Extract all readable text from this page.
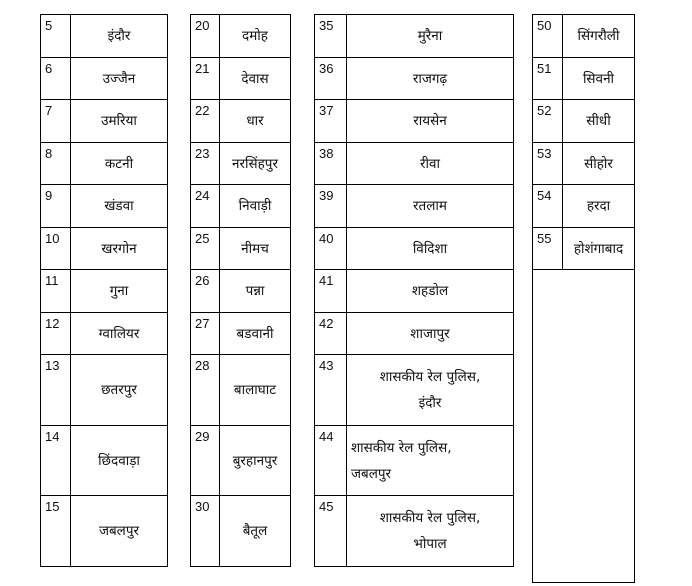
5	इंदौर
6	उज्जैन
7	उमरिया
8	कटनी
9	खंडवा
10	खरगोन
11	गुना
12	ग्वालियर
13	छतरपुर
14	छिंदवाड़ा
15	जबलपुर
20	दमोह
21	देवास
22	धार
23	नरसिंहपुर
24	निवाड़ी
25	नीमच
26	पन्ना
27	बडवानी
28	बालाघाट
29	बुरहानपुर
30	बैतूल
35	मुरैना
36	राजगढ़
37	रायसेन
38	रीवा
39	रतलाम
40	विदिशा
41	शहडोल
42	शाजापुर
43	शासकीय रेल पुलिस,
इंदौर

44	शासकीय रेल पुलिस,
जबलपुर

45	शासकीय रेल पुलिस,
भोपाल
50	सिंगरौली
51	सिवनी
52	सीधी
53	सीहोर
54	हरदा
55	होशंगाबाद
